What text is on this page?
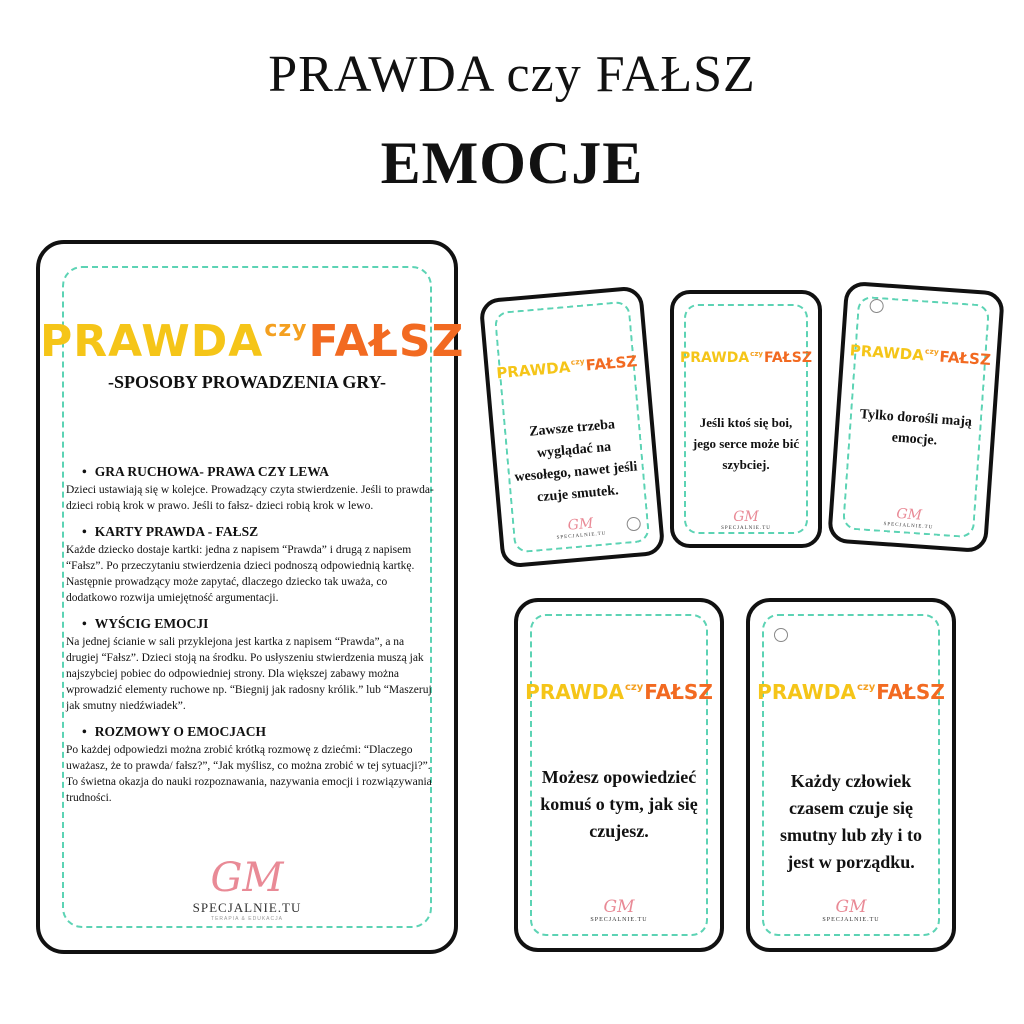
PRAWDA czy FAŁSZ
EMOCJE
$PRAWDA^{czy}FAŁSZ$
-SPOSOBY PROWADZENIA GRY-
• GRA RUCHOWA- PRAWA CZY LEWA

Dzieci ustawiają się w kolejce. Prowadzący czyta stwierdzenie. Jeśli to prawda- dzieci robią krok w prawo. Jeśli to fałsz- dzieci robią krok w lewo.

• KARTY PRAWDA - FAŁSZ

Każde dziecko dostaje kartki: jedna z napisem “Prawda” i drugą z napisem “Fałsz”. Po przeczytaniu stwierdzenia dzieci podnoszą odpowiednią kartkę. Następnie prowadzący może zapytać, dlaczego dziecko tak uważa, co dodatkowo rozwija umiejętność argumentacji.

• WYŚCIG EMOCJI

Na jednej ścianie w sali przyklejona jest kartka z napisem “Prawda”, a na drugiej “Fałsz”. Dzieci stoją na środku. Po usłyszeniu stwierdzenia muszą jak najszybciej pobiec do odpowiedniej strony. Dla większej zabawy można wprowadzić elementy ruchowe np. “Biegnij jak radosny królik.” lub “Maszeruj jak smutny niedźwiadek”.

• ROZMOWY O EMOCJACH

Po każdej odpowiedzi można zrobić krótką rozmowę z dziećmi: “Dlaczego uważasz, że to prawda/ fałsz?”, “Jak myślisz, co można zrobić w tej sytuacji?”. To świetna okazja do nauki rozpoznawania, nazywania emocji i rozwiązywania trudności.

GM
SPECJALNIE.TU
TERAPIA & EDUKACJA
$PRAWDA^{czy}FAŁSZ$
Zawsze trzeba wyglądać na wesołego, nawet jeśli czuje smutek.
GM
SPECJALNIE.TU
$PRAWDA^{czy}FAŁSZ$
Jeśli ktoś się boi, jego serce może bić szybciej.
GM
SPECJALNIE.TU
$PRAWDA^{czy}FAŁSZ$
Tylko dorośli mają emocje.
GM
SPECJALNIE.TU
$PRAWDA^{czy}FAŁSZ$
Możesz opowiedzieć komuś o tym, jak się czujesz.
GM
SPECJALNIE.TU
$PRAWDA^{czy}FAŁSZ$
Każdy człowiek czasem czuje się smutny lub zły i to jest w porządku.
GM
SPECJALNIE.TU
